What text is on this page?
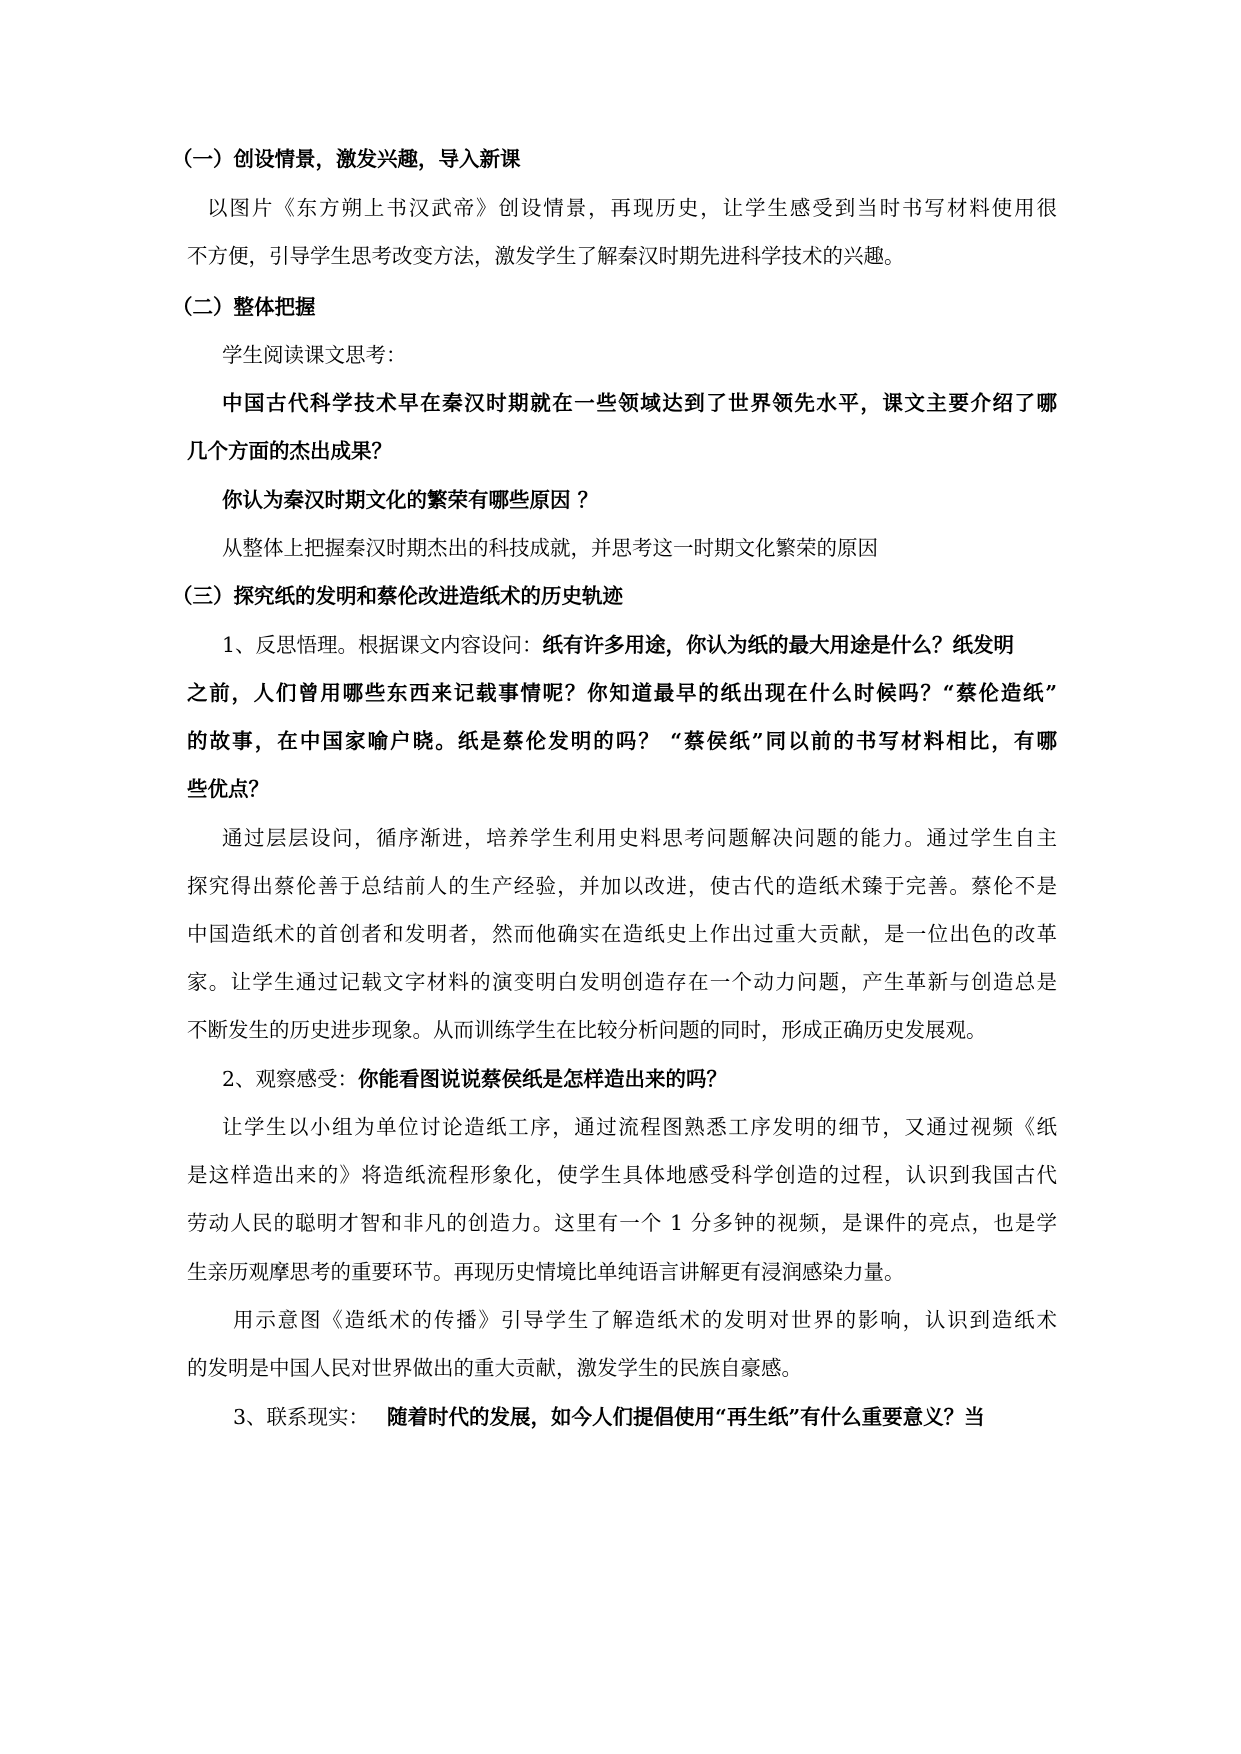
（一）创设情景，激发兴趣，导入新课
以图片《东方朔上书汉武帝》创设情景，再现历史，让学生感受到当时书写材料使用很
不方便，引导学生思考改变方法，激发学生了解秦汉时期先进科学技术的兴趣。
（二）整体把握
学生阅读课文思考：
中国古代科学技术早在秦汉时期就在一些领域达到了世界领先水平，课文主要介绍了哪
几个方面的杰出成果？
你认为秦汉时期文化的繁荣有哪些原因 ？
从整体上把握秦汉时期杰出的科技成就，并思考这一时期文化繁荣的原因
（三）探究纸的发明和蔡伦改进造纸术的历史轨迹
1、反思悟理。根据课文内容设问：纸有许多用途，你认为纸的最大用途是什么？纸发明
之前，人们曾用哪些东西来记载事情呢？你知道最早的纸出现在什么时候吗？“蔡伦造纸”
的故事，在中国家喻户晓。纸是蔡伦发明的吗？ “蔡侯纸”同以前的书写材料相比，有哪
些优点？
通过层层设问，循序渐进，培养学生利用史料思考问题解决问题的能力。通过学生自主
探究得出蔡伦善于总结前人的生产经验，并加以改进，使古代的造纸术臻于完善。蔡伦不是
中国造纸术的首创者和发明者，然而他确实在造纸史上作出过重大贡献，是一位出色的改革
家。让学生通过记载文字材料的演变明白发明创造存在一个动力问题，产生革新与创造总是
不断发生的历史进步现象。从而训练学生在比较分析问题的同时，形成正确历史发展观。
2、观察感受：你能看图说说蔡侯纸是怎样造出来的吗？
让学生以小组为单位讨论造纸工序，通过流程图熟悉工序发明的细节，又通过视频《纸
是这样造出来的》将造纸流程形象化，使学生具体地感受科学创造的过程，认识到我国古代
劳动人民的聪明才智和非凡的创造力。这里有一个 1 分多钟的视频，是课件的亮点，也是学
生亲历观摩思考的重要环节。再现历史情境比单纯语言讲解更有浸润感染力量。
用示意图《造纸术的传播》引导学生了解造纸术的发明对世界的影响，认识到造纸术
的发明是中国人民对世界做出的重大贡献，激发学生的民族自豪感。
3、联系现实： 随着时代的发展，如今人们提倡使用“再生纸”有什么重要意义？当
